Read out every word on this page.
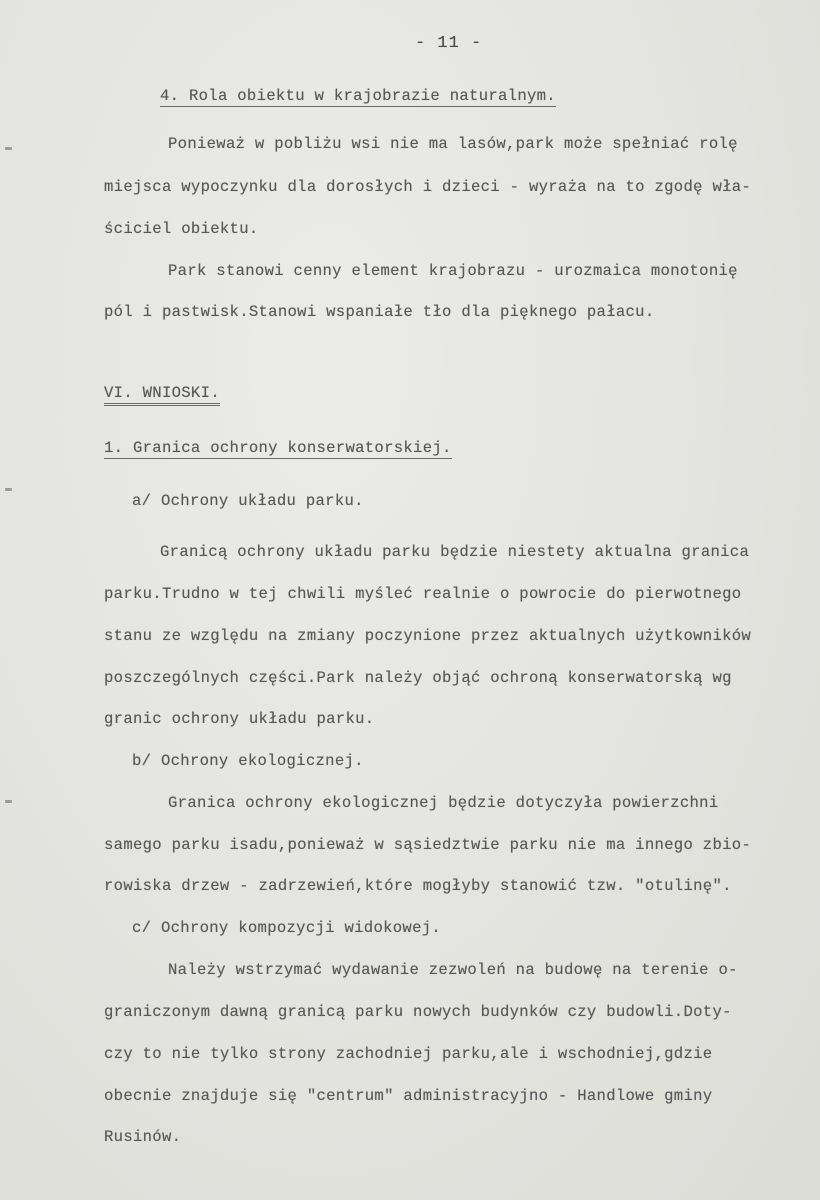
- 11 -
4. Rola obiektu w krajobrazie naturalnym.
Ponieważ w pobliżu wsi nie ma lasów,park może spełniać rolę
miejsca wypoczynku dla dorosłych i dzieci - wyraża na to zgodę wła-
ściciel obiektu.
Park stanowi cenny element krajobrazu - urozmaica monotonię
pól i pastwisk.Stanowi wspaniałe tło dla pięknego pałacu.
VI. WNIOSKI.
1. Granica ochrony konserwatorskiej.
a/ Ochrony układu parku.
Granicą ochrony układu parku będzie niestety aktualna granica
parku.Trudno w tej chwili myśleć realnie o powrocie do pierwotnego
stanu ze względu na zmiany poczynione przez aktualnych użytkowników
poszczególnych części.Park należy objąć ochroną konserwatorską wg
granic ochrony układu parku.
b/ Ochrony ekologicznej.
Granica ochrony ekologicznej będzie dotyczyła powierzchni
samego parku isadu,ponieważ w sąsiedztwie parku nie ma innego zbio-
rowiska drzew - zadrzewień,które mogłyby stanowić tzw. "otulinę".
c/ Ochrony kompozycji widokowej.
Należy wstrzymać wydawanie zezwoleń na budowę na terenie o-
graniczonym dawną granicą parku nowych budynków czy budowli.Doty-
czy to nie tylko strony zachodniej parku,ale i wschodniej,gdzie
obecnie znajduje się "centrum" administracyjno - Handlowe gminy
Rusinów.
